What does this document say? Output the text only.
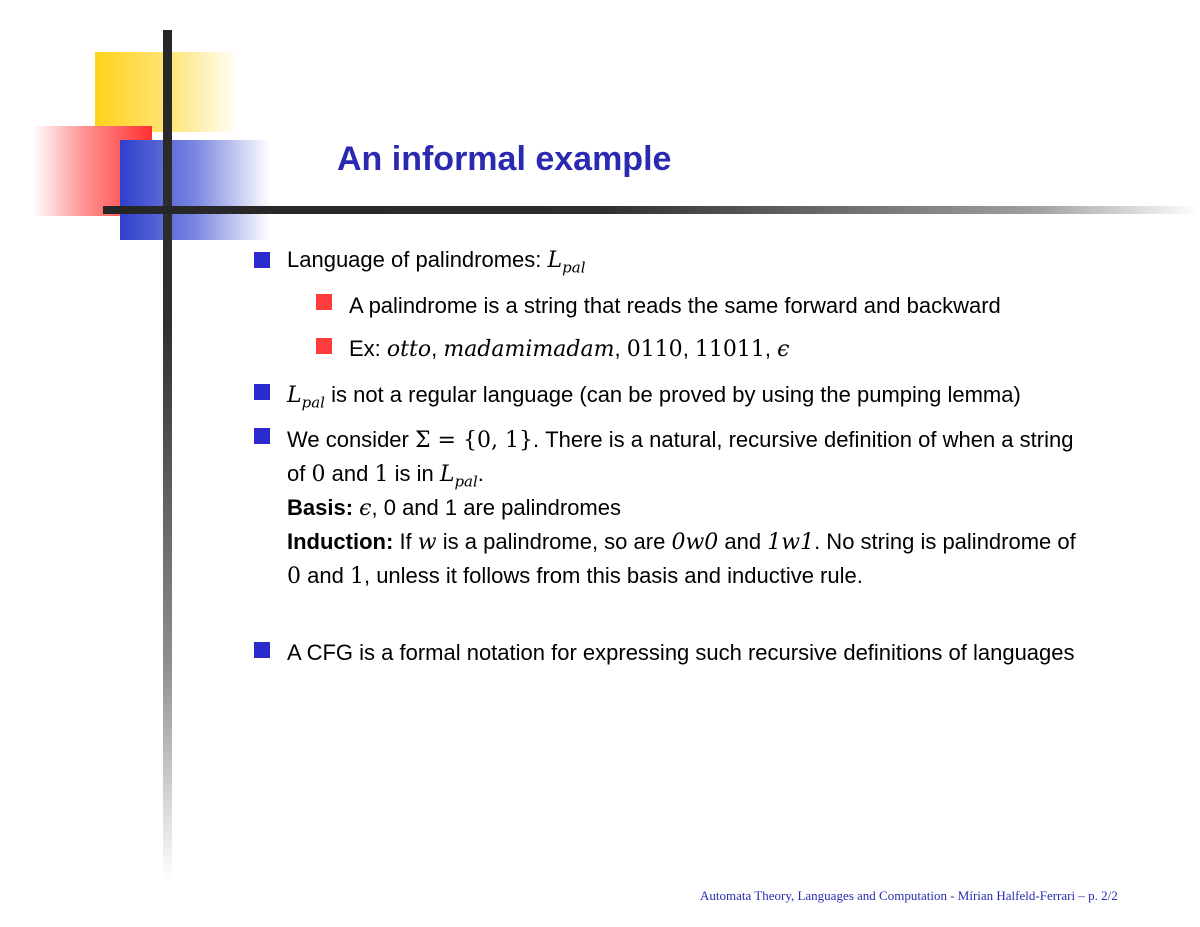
An informal example
Language of palindromes: $L_{pal}$
A palindrome is a string that reads the same forward and backward
Ex: otto, madamimadam, 0110, 11011, ϵ
$L_{pal}$ is not a regular language (can be proved by using the pumping lemma)
We consider Σ = {0, 1}. There is a natural, recursive definition of when a string
of 0 and 1 is in $L_{pal}$.
Basis: ϵ, 0 and 1 are palindromes
Induction: If w is a palindrome, so are 0w0 and 1w1. No string is palindrome of
0 and 1, unless it follows from this basis and inductive rule.
A CFG is a formal notation for expressing such recursive definitions of languages
Automata Theory, Languages and Computation - Mírian Halfeld-Ferrari – p. 2/2
